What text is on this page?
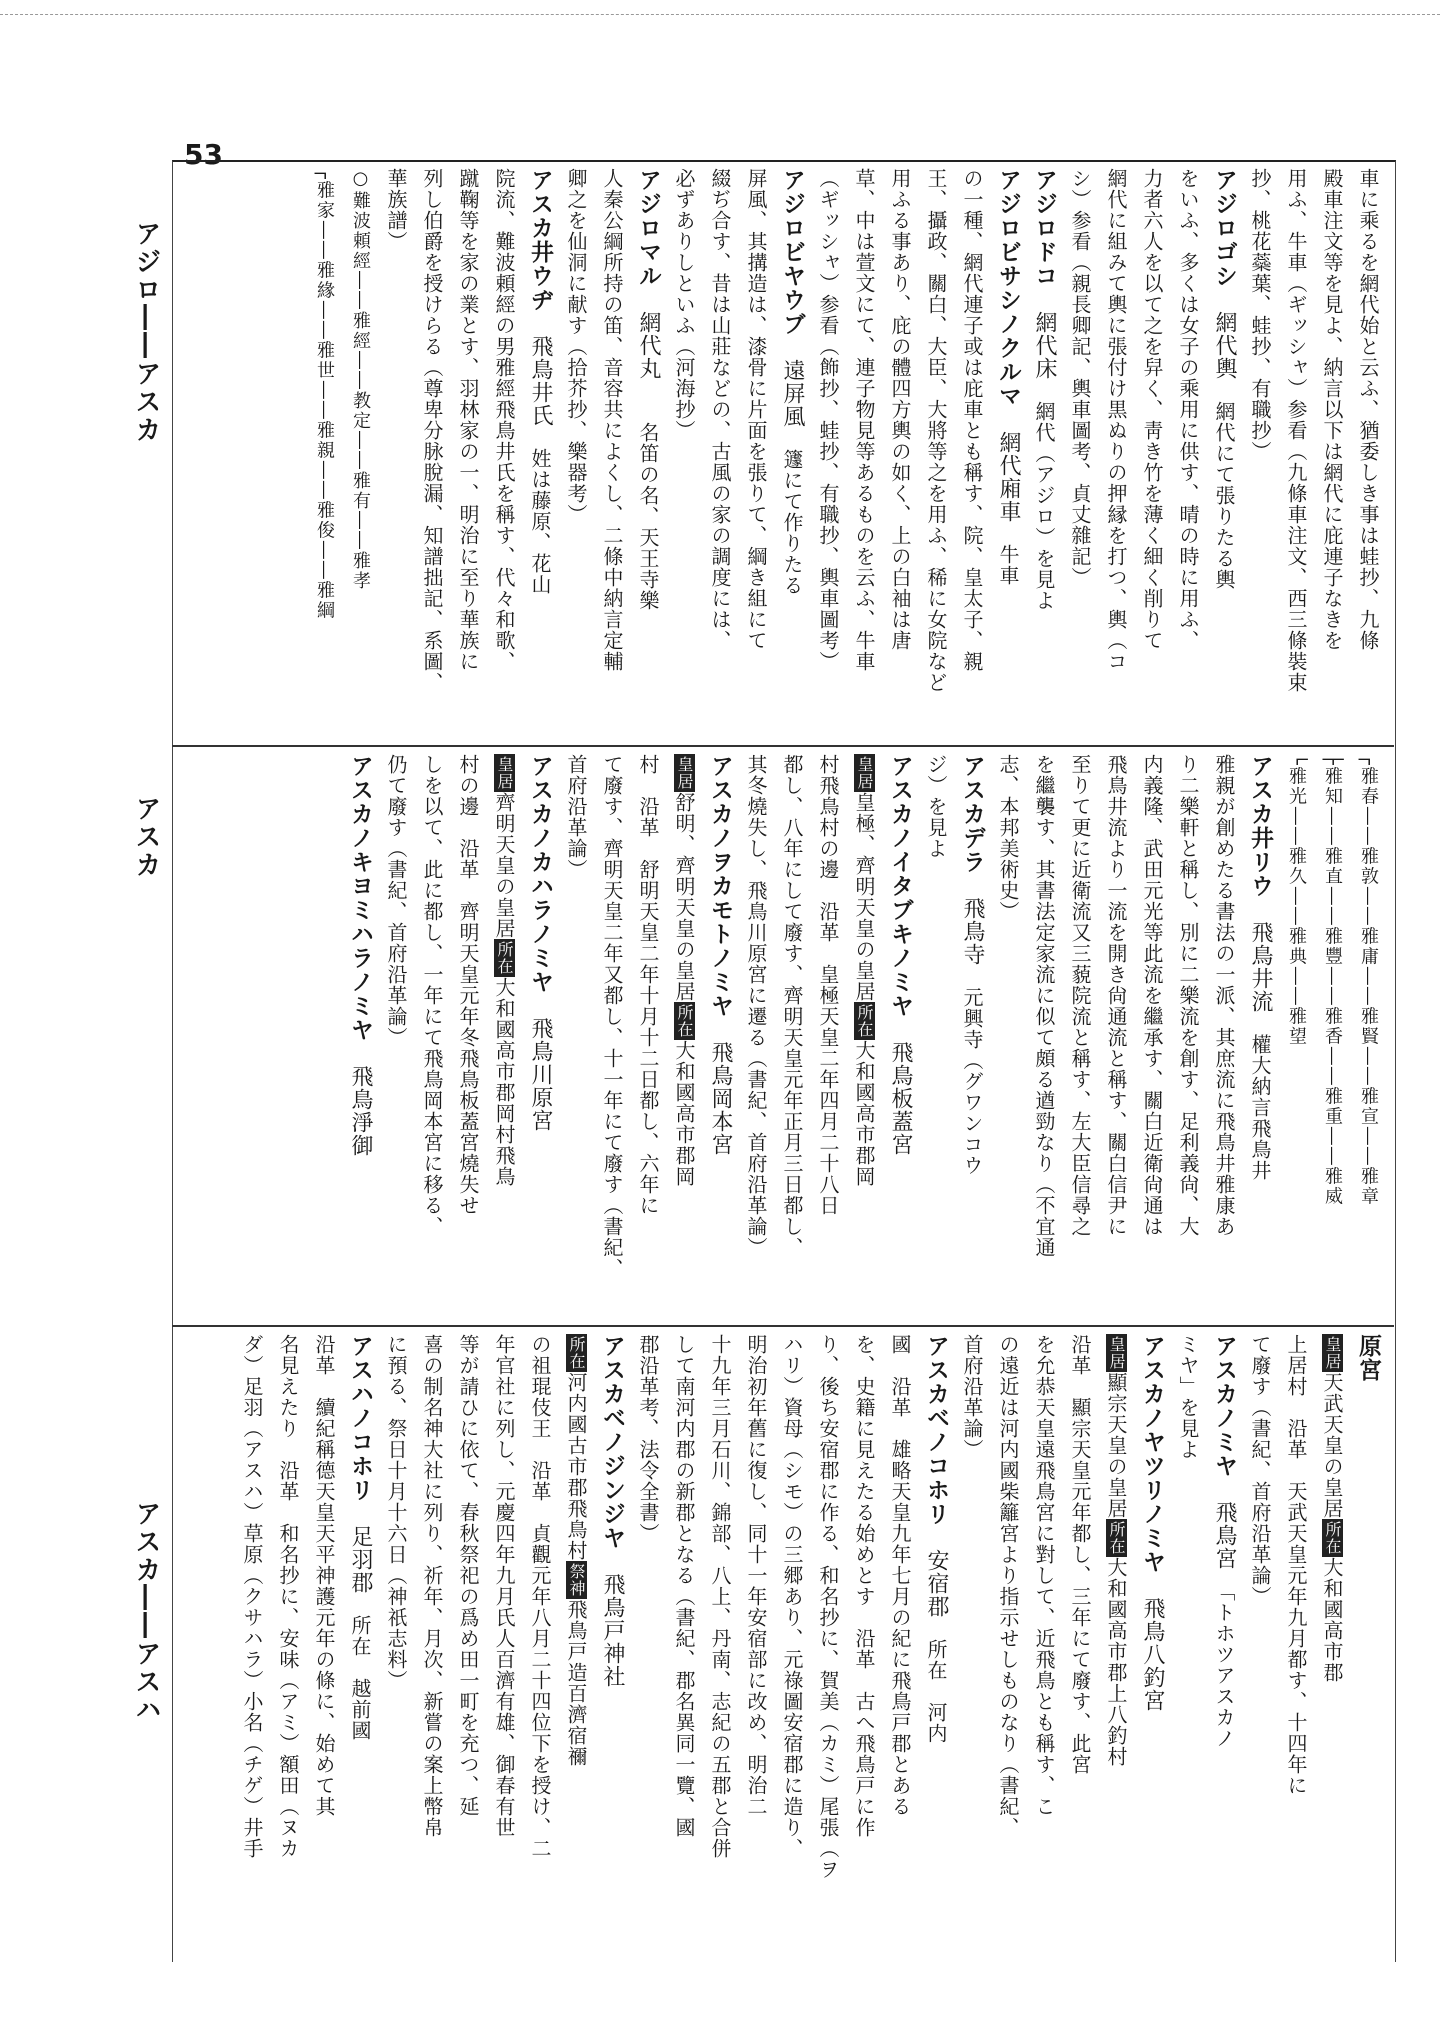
53
アジロ――アスカ
アスカ
アスカ――アスハ

車に乘るを網代始と云ふ、猶委しき事は蛙抄、九條

殿車注文等を見よ、納言以下は網代に庇連子なきを

用ふ、牛車（ギッシャ）参看（九條車注文、西三條裝束

抄、桃花蘂葉、蛙抄、有職抄）

アジロゴシ　網代輿　網代にて張りたる輿

をいふ、多くは女子の乘用に供す、晴の時に用ふ、

力者六人を以て之を舁く、靑き竹を薄く細く削りて

網代に組みて輿に張付け黒ぬりの押縁を打つ、輿（コ

シ）参看（親長卿記、輿車圖考、貞丈雜記）

アジロドコ　網代床　網代（アジロ）を見よ

アジロビサシノクルマ　網代廂車　牛車

の一種、網代連子或は庇車とも稱す、院、皇太子、親

王、攝政、關白、大臣、大將等之を用ふ、稀に女院など

用ふる事あり、庇の體四方輿の如く、上の白袖は唐

草、中は萱文にて、連子物見等あるものを云ふ、牛車

（ギッシャ）参看（飾抄、蛙抄、有職抄、輿車圖考）

アジロビヤウブ　遠屏風　籧にて作りたる

屏風、其搆造は、漆骨に片面を張りて、綱き組にて

綴ぢ合す、昔は山莊などの、古風の家の調度には、

必ずありしといふ（河海抄）

アジロマル　網代丸　　名笛の名、天王寺樂

人秦公綱所持の笛、音容共によくし、二條中納言定輔

卿之を仙洞に献す（拾芥抄、樂器考）

アスカ井ウヂ　飛鳥井氏　姓は藤原、花山

院流、難波頼經の男雅經飛鳥井氏を稱す、代々和歌、

蹴鞠等を家の業とす、羽林家の一、明治に至り華族に

列し伯爵を授けらる（尊卑分脉脫漏、知譜拙記、系圖、

華族譜）

○難波頼經――雅經――教定――雅有――雅孝

┌雅家――雅緣――雅世――雅親――雅俊――雅綱

┌雅春――雅敦――雅庸――雅賢――雅宣――雅章

├雅知――雅直――雅豐――雅香――雅重――雅威

└雅光――雅久――雅典――雅望

アスカ井リウ　飛鳥井流　權大納言飛鳥井

雅親が創めたる書法の一派、其庶流に飛鳥井雅康あ

り二樂軒と稱し、別に二樂流を創す、足利義尙、大

内義隆、武田元光等此流を繼承す、關白近衛尙通は

飛鳥井流より一流を開き尙通流と稱す、關白信尹に

至りて更に近衛流又三藐院流と稱す、左大臣信尋之

を繼襲す、其書法定家流に似て頗る遒勁なり（不宜通

志、本邦美術史）

アスカデラ　飛鳥寺　元興寺（グワンコウ

ジ）を見よ

アスカノイタブキノミヤ　飛鳥板蓋宮

皇居皇極、齊明天皇の皇居所在大和國高市郡岡

村飛鳥村の邊　沿革　皇極天皇二年四月二十八日

都し、八年にして廢す、齊明天皇元年正月三日都し、

其冬燒失し、飛鳥川原宮に遷る（書紀、首府沿革論）

アスカノヲカモトノミヤ　飛鳥岡本宮

皇居舒明、齊明天皇の皇居所在大和國高市郡岡

村　沿革　舒明天皇二年十月十二日都し、六年に

て廢す、齊明天皇二年又都し、十一年にて廢す（書紀、

首府沿革論）

アスカノカハラノミヤ　飛鳥川原宮

皇居齊明天皇の皇居所在大和國高市郡岡村飛鳥

村の邊　沿革　齊明天皇元年冬飛鳥板蓋宮燒失せ

しを以て、此に都し、一年にて飛鳥岡本宮に移る、

仍て廢す（書紀、首府沿革論）

アスカノキヨミハラノミヤ　飛鳥淨御

原宮

皇居天武天皇の皇居所在大和國高市郡

上居村　沿革　天武天皇元年九月都す、十四年に

て廢す（書紀、首府沿革論）

アスカノミヤ　飛鳥宮　「トホツアスカノ

ミヤ」を見よ

アスカノヤツリノミヤ　飛鳥八釣宮

皇居顯宗天皇の皇居所在大和國高市郡上八釣村

沿革　顯宗天皇元年都し、三年にて廢す、此宮

を允恭天皇遠飛鳥宮に對して、近飛鳥とも稱す、こ

の遠近は河内國柴籬宮より指示せしものなり（書紀、

首府沿革論）

アスカベノコホリ　安宿郡　所在　河内

國　沿革　雄略天皇九年七月の紀に飛鳥戸郡とある

を、史籍に見えたる始めとす　沿革　古へ飛鳥戸に作

り、後ち安宿郡に作る、和名抄に、賀美（カミ）尾張（ヲ

ハリ）資母（シモ）の三郷あり、元祿圖安宿郡に造り、

明治初年舊に復し、同十一年安宿部に改め、明治二

十九年三月石川、錦部、八上、丹南、志紀の五郡と合併

して南河内郡の新郡となる（書紀、郡名異同一覽、國

郡沿革考、法令全書）

アスカベノジンジヤ　飛鳥戸神社

所在河内國古市郡飛鳥村祭神飛鳥戸造百濟宿禰

の祖琨伎王　沿革　貞觀元年八月二十四位下を授け、二

年官社に列し、元慶四年九月氏人百濟有雄、御春有世

等が請ひに依て、春秋祭祀の爲め田一町を充つ、延

喜の制名神大社に列り、祈年、月次、新嘗の案上幣帛

に預る、祭日十月十六日（神祇志料）

アスハノコホリ　足羽郡　所在　越前國

沿革　續紀稱德天皇天平神護元年の條に、始めて其

名見えたり　沿革　和名抄に、安味（アミ）額田（ヌカ

ダ）足羽（アスハ）草原（クサハラ）小名（チゲ）井手
